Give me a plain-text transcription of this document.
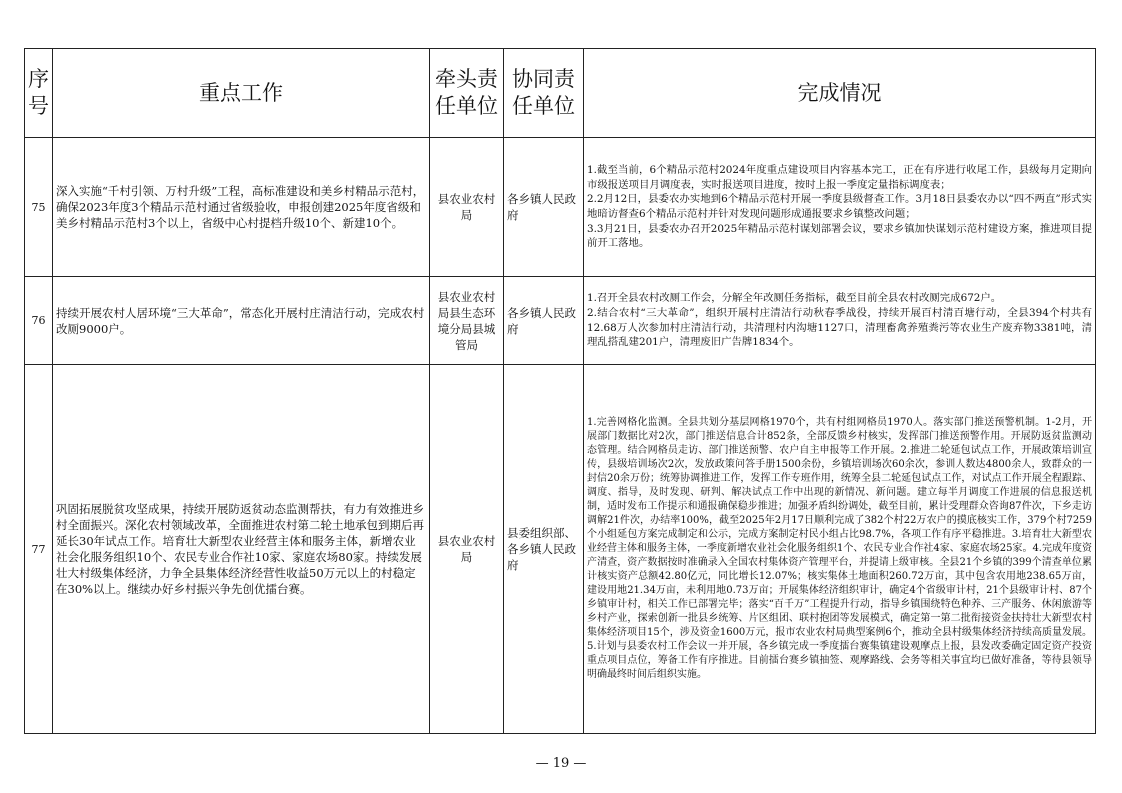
序号	重点工作	牵头责任单位	协同责任单位	完成情况
75	深入实施“千村引领、万村升级”工程，高标准建设和美乡村精品示范村，确保2023年度3个精品示范村通过省级验收，申报创建2025年度省级和美乡村精品示范村3个以上，省级中心村提档升级10个、新建10个。	县农业农村局	各乡镇人民政府	1.截至当前，6个精品示范村2024年度重点建设项目内容基本完工，正在有序进行收尾工作，县级每月定期向市级报送项目月调度表，实时报送项目进度，按时上报一季度定量指标调度表；
2.2月12日，县委农办实地到6个精品示范村开展一季度县级督查工作。3月18日县委农办以“四不两直”形式实地暗访督查6个精品示范村并针对发现问题形成通报要求乡镇整改问题；
3.3月21日，县委农办召开2025年精品示范村谋划部署会议，要求乡镇加快谋划示范村建设方案，推进项目提前开工落地。

76	持续开展农村人居环境“三大革命”，常态化开展村庄清洁行动，完成农村改厕9000户。	县农业农村局县生态环境分局县城管局	各乡镇人民政府	1.召开全县农村改厕工作会，分解全年改厕任务指标，截至目前全县农村改厕完成672户。
2.结合农村“三大革命”，组织开展村庄清洁行动秋春季战役，持续开展百村清百塘行动，全县394个村共有12.68万人次参加村庄清洁行动，共清理村内沟塘1127口，清理畜禽养殖粪污等农业生产废弃物3381吨，清理乱搭乱建201户，清理废旧广告牌1834个。

77	巩固拓展脱贫攻坚成果，持续开展防返贫动态监测帮扶，有力有效推进乡村全面振兴。深化农村领域改革，全面推进农村第二轮土地承包到期后再延长30年试点工作。培育壮大新型农业经营主体和服务主体，新增农业社会化服务组织10个、农民专业合作社10家、家庭农场80家。持续发展壮大村级集体经济，力争全县集体经济经营性收益50万元以上的村稳定在30%以上。继续办好乡村振兴争先创优擂台赛。	县农业农村局	县委组织部、各乡镇人民政府	1.完善网格化监测。全县共划分基层网格1970个，共有村组网格员1970人。落实部门推送预警机制。1-2月，开展部门数据比对2次，部门推送信息合计852条，全部反馈乡村核实，发挥部门推送预警作用。开展防返贫监测动态管理。结合网格员走访、部门推送预警、农户自主申报等工作开展。2.推进二轮延包试点工作，开展政策培训宣传，县级培训场次2次，发放政策问答手册1500余份，乡镇培训场次60余次，参训人数达4800余人，致群众的一封信20余万份；统筹协调推进工作，发挥工作专班作用，统筹全县二轮延包试点工作，对试点工作开展全程跟踪、调度、指导，及时发现、研判、解决试点工作中出现的新情况、新问题。建立每半月调度工作进展的信息报送机制，适时发布工作提示和通报确保稳步推进；加强矛盾纠纷调处，截至目前，累计受理群众咨询87件次，下乡走访调解21件次，办结率100%，截至2025年2月17日顺利完成了382个村22万农户的摸底核实工作，379个村7259个小组延包方案完成制定和公示，完成方案制定村民小组占比98.7%，各项工作有序平稳推进。3.培育壮大新型农业经营主体和服务主体，一季度新增农业社会化服务组织1个、农民专业合作社4家、家庭农场25家。4.完成年度资产清查，资产数据按时准确录入全国农村集体资产管理平台，并提请上级审核。全县21个乡镇的399个清查单位累计核实资产总额42.80亿元，同比增长12.07%；核实集体土地面积260.72万亩，其中包含农用地238.65万亩，建设用地21.34万亩，未利用地0.73万亩；开展集体经济组织审计，确定4个省级审计村，21个县级审计村、87个乡镇审计村，相关工作已部署完毕；落实“百千万”工程提升行动，指导乡镇围绕特色种养、三产服务、休闲旅游等乡村产业，探索创新一批县乡统筹、片区组团、联村抱团等发展模式，确定第一第二批衔接资金扶持壮大新型农村集体经济项目15个，涉及资金1600万元，报市农业农村局典型案例6个，推动全县村级集体经济持续高质量发展。5.计划与县委农村工作会议一并开展，各乡镇完成一季度擂台赛集镇建设观摩点上报，县发改委确定固定资产投资重点项目点位，筹备工作有序推进。目前擂台赛乡镇抽签、观摩路线、会务等相关事宜均已做好准备，等待县领导明确最终时间后组织实施。
— 19 —
